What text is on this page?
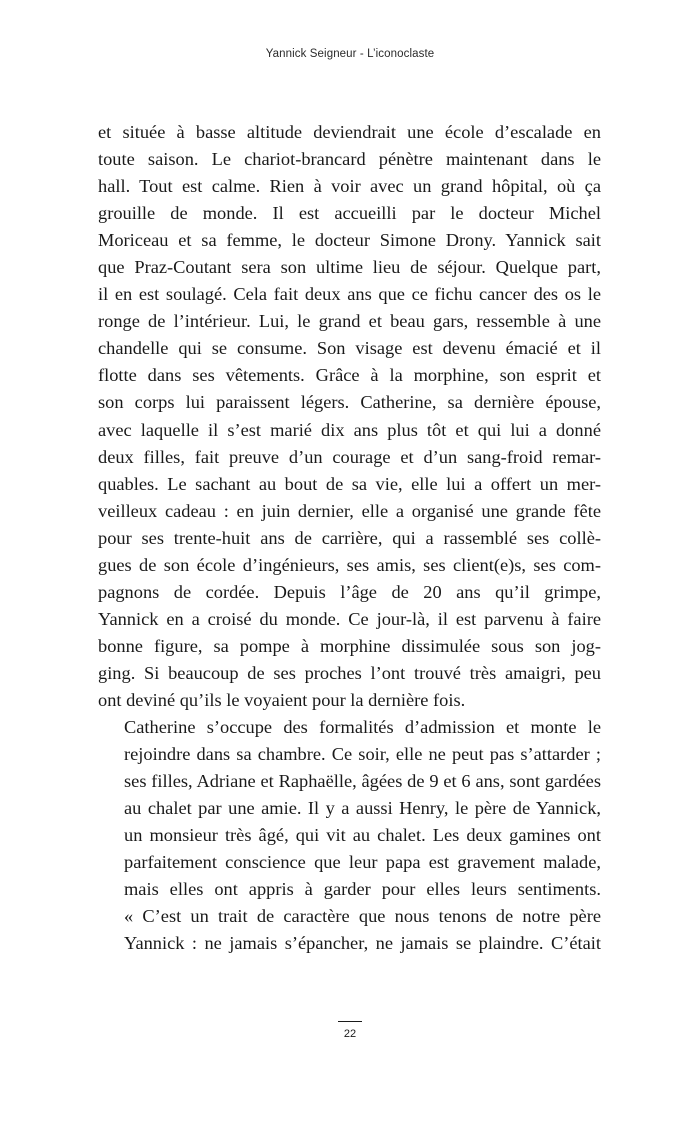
Yannick Seigneur - L’iconoclaste

et située à basse altitude deviendrait une école d’escalade en
toute saison. Le chariot-brancard pénètre maintenant dans le
hall. Tout est calme. Rien à voir avec un grand hôpital, où ça
grouille de monde. Il est accueilli par le docteur Michel
Moriceau et sa femme, le docteur Simone Drony. Yannick sait
que Praz-Coutant sera son ultime lieu de séjour. Quelque part,
il en est soulagé. Cela fait deux ans que ce fichu cancer des os le
ronge de l’intérieur. Lui, le grand et beau gars, ressemble à une
chandelle qui se consume. Son visage est devenu émacié et il
flotte dans ses vêtements. Grâce à la morphine, son esprit et
son corps lui paraissent légers. Catherine, sa dernière épouse,
avec laquelle il s’est marié dix ans plus tôt et qui lui a donné
deux filles, fait preuve d’un courage et d’un sang-froid remar-
quables. Le sachant au bout de sa vie, elle lui a offert un mer-
veilleux cadeau : en juin dernier, elle a organisé une grande fête
pour ses trente-huit ans de carrière, qui a rassemblé ses collè-
gues de son école d’ingénieurs, ses amis, ses client(e)s, ses com-
pagnons de cordée. Depuis l’âge de 20 ans qu’il grimpe,
Yannick en a croisé du monde. Ce jour-là, il est parvenu à faire
bonne figure, sa pompe à morphine dissimulée sous son jog-
ging. Si beaucoup de ses proches l’ont trouvé très amaigri, peu
ont deviné qu’ils le voyaient pour la dernière fois.

Catherine s’occupe des formalités d’admission et monte le
rejoindre dans sa chambre. Ce soir, elle ne peut pas s’attarder ;
ses filles, Adriane et Raphaëlle, âgées de 9 et 6 ans, sont gardées
au chalet par une amie. Il y a aussi Henry, le père de Yannick,
un monsieur très âgé, qui vit au chalet. Les deux gamines ont
parfaitement conscience que leur papa est gravement malade,
mais elles ont appris à garder pour elles leurs sentiments.
« C’est un trait de caractère que nous tenons de notre père
Yannick : ne jamais s’épancher, ne jamais se plaindre. C’était

22
